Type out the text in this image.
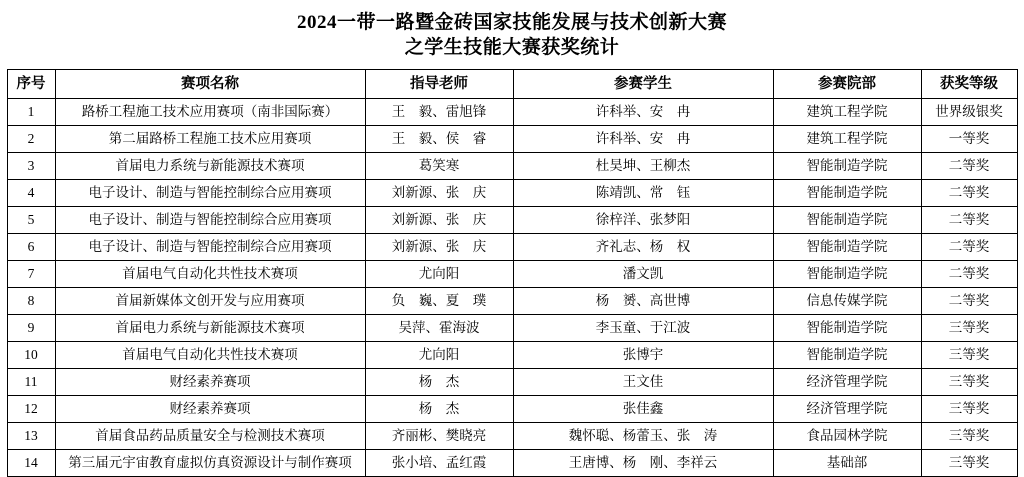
2024一带一路暨金砖国家技能发展与技术创新大赛
之学生技能大赛获奖统计
序号	赛项名称	指导老师	参赛学生	参赛院部	获奖等级
1	路桥工程施工技术应用赛项（南非国际赛）	王　毅、雷旭锋	许科举、安　冉	建筑工程学院	世界级银奖
2	第二届路桥工程施工技术应用赛项	王　毅、侯　睿	许科举、安　冉	建筑工程学院	一等奖
3	首届电力系统与新能源技术赛项	葛笑寒	杜昊坤、王柳杰	智能制造学院	二等奖
4	电子设计、制造与智能控制综合应用赛项	刘新源、张　庆	陈靖凯、常　钰	智能制造学院	二等奖
5	电子设计、制造与智能控制综合应用赛项	刘新源、张　庆	徐梓洋、张梦阳	智能制造学院	二等奖
6	电子设计、制造与智能控制综合应用赛项	刘新源、张　庆	齐礼志、杨　权	智能制造学院	二等奖
7	首届电气自动化共性技术赛项	尤向阳	潘文凯	智能制造学院	二等奖
8	首届新媒体文创开发与应用赛项	负　巍、夏　璞	杨　赟、高世博	信息传媒学院	二等奖
9	首届电力系统与新能源技术赛项	吴萍、霍海波	李玉童、于江波	智能制造学院	三等奖
10	首届电气自动化共性技术赛项	尤向阳	张博宇	智能制造学院	三等奖
11	财经素养赛项	杨　杰	王文佳	经济管理学院	三等奖
12	财经素养赛项	杨　杰	张佳鑫	经济管理学院	三等奖
13	首届食品药品质量安全与检测技术赛项	齐丽彬、樊晓亮	魏怀聪、杨蕾玉、张　涛	食品园林学院	三等奖
14	第三届元宇宙教育虚拟仿真资源设计与制作赛项	张小培、孟红霞	王唐博、杨　刚、李祥云	基础部	三等奖
